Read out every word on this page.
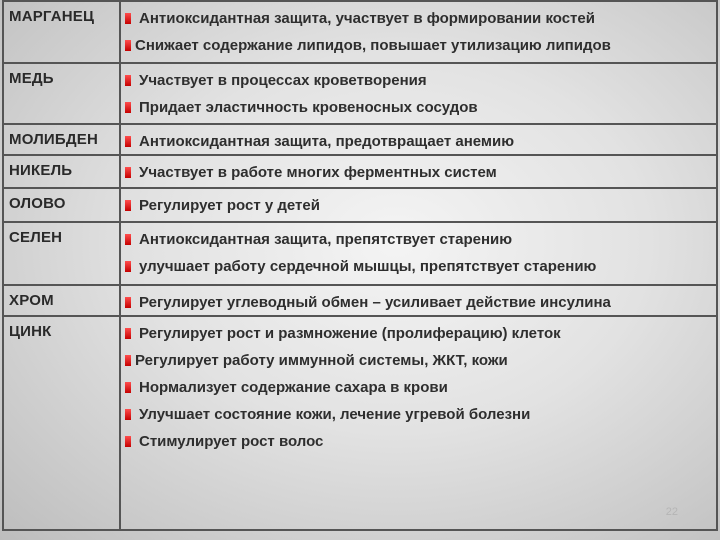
МАРГАНЕЦ	Антиоксидантная защита, участвует в формировании костей
Снижает содержание липидов, повышает утилизацию липидов

МЕДЬ	Участвует в процессах кроветворения
Придает эластичность кровеносных сосудов

МОЛИБДЕН	Антиоксидантная защита, предотвращает анемию

НИКЕЛЬ	Участвует в работе многих ферментных систем

ОЛОВО	Регулирует рост у детей

СЕЛЕН	Антиоксидантная защита, препятствует старению
улучшает работу сердечной мышцы, препятствует старению

ХРОМ	Регулирует углеводный обмен – усиливает действие инсулина

ЦИНК	Регулирует рост и размножение (пролиферацию) клеток
Регулирует работу иммунной системы, ЖКТ, кожи
Нормализует содержание сахара в крови
Улучшает состояние кожи, лечение угревой болезни
Стимулирует рост волос
22
